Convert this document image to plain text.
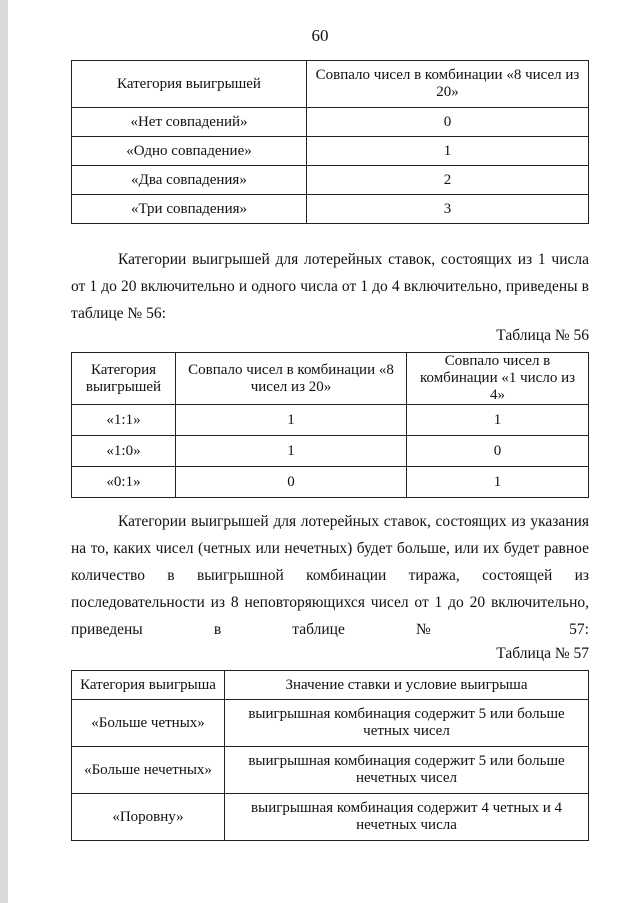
60
Категория выигрышей	Совпало чисел в комбинации «8 чисел из 20»
«Нет совпадений»	0
«Одно совпадение»	1
«Два совпадения»	2
«Три совпадения»	3
Категории выигрышей для лотерейных ставок, состоящих из 1 числа от 1 до 20 включительно и одного числа от 1 до 4 включительно, приведены в таблице № 56:
Таблица № 56
Категория выигрышей	Совпало чисел в комбинации «8 чисел из 20»	Совпало чисел в комбинации «1 число из 4»
«1:1»	1	1
«1:0»	1	0
«0:1»	0	1
Категории выигрышей для лотерейных ставок, состоящих из указания на то, каких чисел (четных или нечетных) будет больше, или их будет равное количество в выигрышной комбинации тиража, состоящей из последовательности из 8 неповторяющихся чисел от 1 до 20 включительно, приведены в таблице № 57:
Таблица № 57
Категория выигрыша	Значение ставки и условие выигрыша
«Больше четных»	выигрышная комбинация содержит 5 или больше четных чисел
«Больше нечетных»	выигрышная комбинация содержит 5 или больше нечетных чисел
«Поровну»	выигрышная комбинация содержит 4 четных и 4 нечетных числа
